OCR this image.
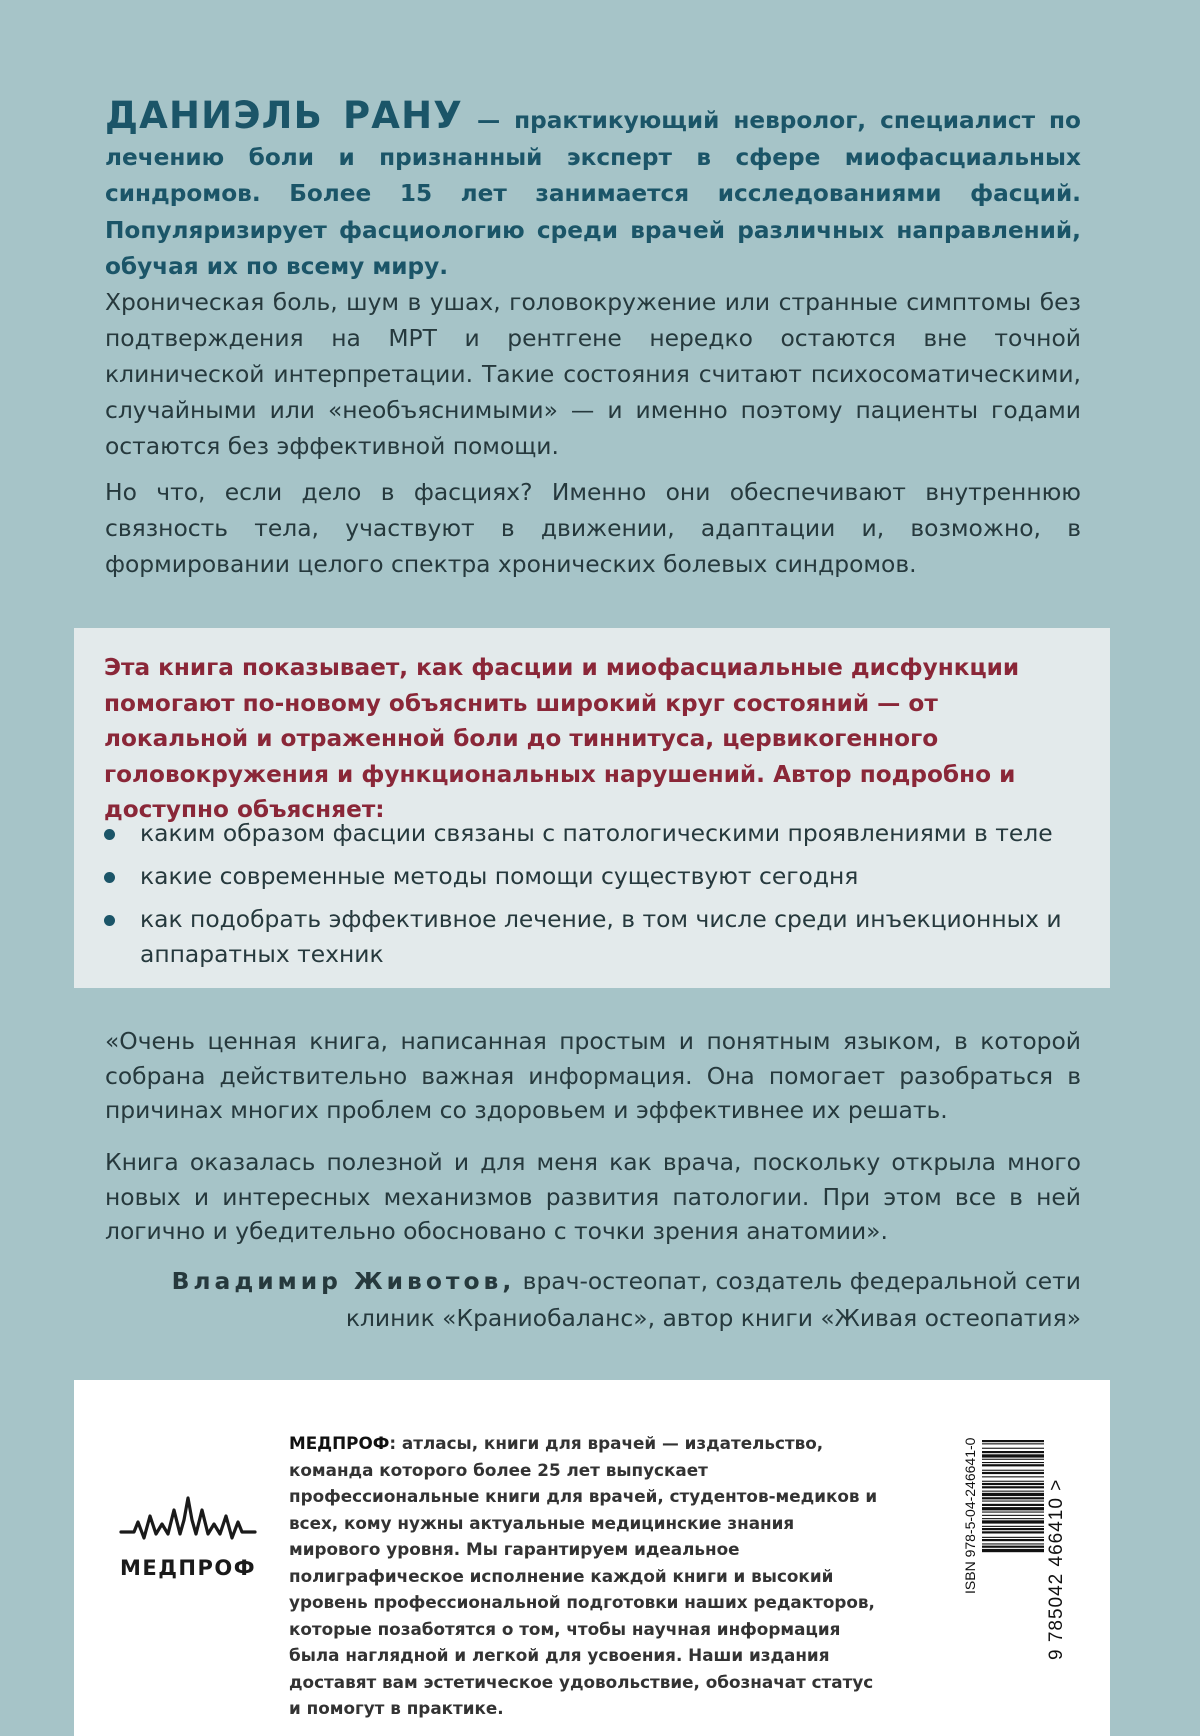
ДАНИЭЛЬ РАНУ — практикующий невролог, специалист по лечению боли и признанный эксперт в сфере миофасциальных синдромов. Более 15 лет занимается исследованиями фасций. Популяризирует фасциологию среди врачей различных направлений, обучая их по всему миру.

Хроническая боль, шум в ушах, головокружение или странные симптомы без подтверждения на МРТ и рентгене нередко остаются вне точной клинической интерпретации. Такие состояния считают психосоматическими, случайными или «необъяснимыми» — и именно поэтому пациенты годами остаются без эффективной помощи.

Но что, если дело в фасциях? Именно они обеспечивают внутреннюю связность тела, участвуют в движении, адаптации и, возможно, в формировании целого спектра хронических болевых синдромов.

Эта книга показывает, как фасции и миофасциальные дисфункции помогают по-новому объяснить широкий круг состояний — от локальной и отраженной боли до тиннитуса, цервикогенного головокружения и функциональных нарушений. Автор подробно и доступно объясняет:

каким образом фасции связаны с патологическими проявлениями в теле
какие современные методы помощи существуют сегодня
как подобрать эффективное лечение, в том числе среди инъекционных и аппаратных техник

«Очень ценная книга, написанная простым и понятным языком, в которой собрана действительно важная информация. Она помогает разобраться в причинах многих проблем со здоровьем и эффективнее их решать.

Книга оказалась полезной и для меня как врача, поскольку открыла много новых и интересных механизмов развития патологии. При этом все в ней логично и убедительно обосновано с точки зрения анатомии».

Владимир Животов, врач-остеопат, создатель федеральной сети клиник «Краниобаланс», автор книги «Живая остеопатия»

МЕДПРОФ

МЕДПРОФ: атласы, книги для врачей — издательство, команда которого более 25 лет выпускает профессиональные книги для врачей, студентов-медиков и всех, кому нужны актуальные медицинские знания мирового уровня. Мы гарантируем идеальное полиграфическое исполнение каждой книги и высокий уровень профессиональной подготовки наших редакторов, которые позаботятся о том, чтобы научная информация была наглядной и легкой для усвоения. Наши издания доставят вам эстетическое удовольствие, обозначат статус и помогут в практике.

ISBN 978-5-04-246641-0	9 785042 466410 >
